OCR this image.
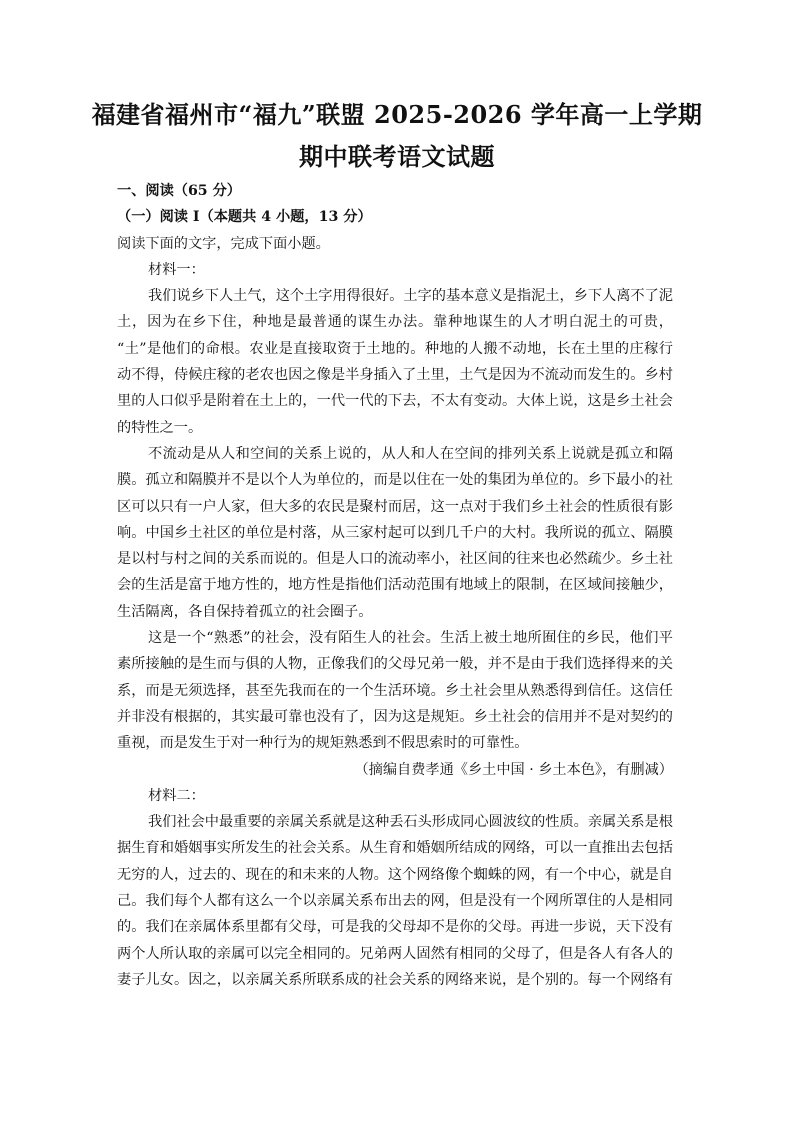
福建省福州市“福九”联盟 2025-2026 学年高一上学期
期中联考语文试题
一、阅读（65 分）
（一）阅读 I（本题共 4 小题，13 分）
阅读下面的文字，完成下面小题。
材料一：
我们说乡下人土气，这个土字用得很好。土字的基本意义是指泥土，乡下人离不了泥
土，因为在乡下住，种地是最普通的谋生办法。靠种地谋生的人才明白泥土的可贵，
“土”是他们的命根。农业是直接取资于土地的。种地的人搬不动地，长在土里的庄稼行
动不得，侍候庄稼的老农也因之像是半身插入了土里，土气是因为不流动而发生的。乡村
里的人口似乎是附着在土上的，一代一代的下去，不太有变动。大体上说，这是乡土社会
的特性之一。
不流动是从人和空间的关系上说的，从人和人在空间的排列关系上说就是孤立和隔
膜。孤立和隔膜并不是以个人为单位的，而是以住在一处的集团为单位的。乡下最小的社
区可以只有一户人家，但大多的农民是聚村而居，这一点对于我们乡土社会的性质很有影
响。中国乡土社区的单位是村落，从三家村起可以到几千户的大村。我所说的孤立、隔膜
是以村与村之间的关系而说的。但是人口的流动率小，社区间的往来也必然疏少。乡土社
会的生活是富于地方性的，地方性是指他们活动范围有地域上的限制，在区域间接触少，
生活隔离，各自保持着孤立的社会圈子。
这是一个“熟悉”的社会，没有陌生人的社会。生活上被土地所囿住的乡民，他们平
素所接触的是生而与俱的人物，正像我们的父母兄弟一般，并不是由于我们选择得来的关
系，而是无须选择，甚至先我而在的一个生活环境。乡土社会里从熟悉得到信任。这信任
并非没有根据的，其实最可靠也没有了，因为这是规矩。乡土社会的信用并不是对契约的
重视，而是发生于对一种行为的规矩熟悉到不假思索时的可靠性。
（摘编自费孝通《乡土中国 · 乡土本色》，有删减）
材料二：
我们社会中最重要的亲属关系就是这种丢石头形成同心圆波纹的性质。亲属关系是根
据生育和婚姻事实所发生的社会关系。从生育和婚姻所结成的网络，可以一直推出去包括
无穷的人，过去的、现在的和未来的人物。这个网络像个蜘蛛的网，有一个中心，就是自
己。我们每个人都有这么一个以亲属关系布出去的网，但是没有一个网所罩住的人是相同
的。我们在亲属体系里都有父母，可是我的父母却不是你的父母。再进一步说，天下没有
两个人所认取的亲属可以完全相同的。兄弟两人固然有相同的父母了，但是各人有各人的
妻子儿女。因之，以亲属关系所联系成的社会关系的网络来说，是个别的。每一个网络有
